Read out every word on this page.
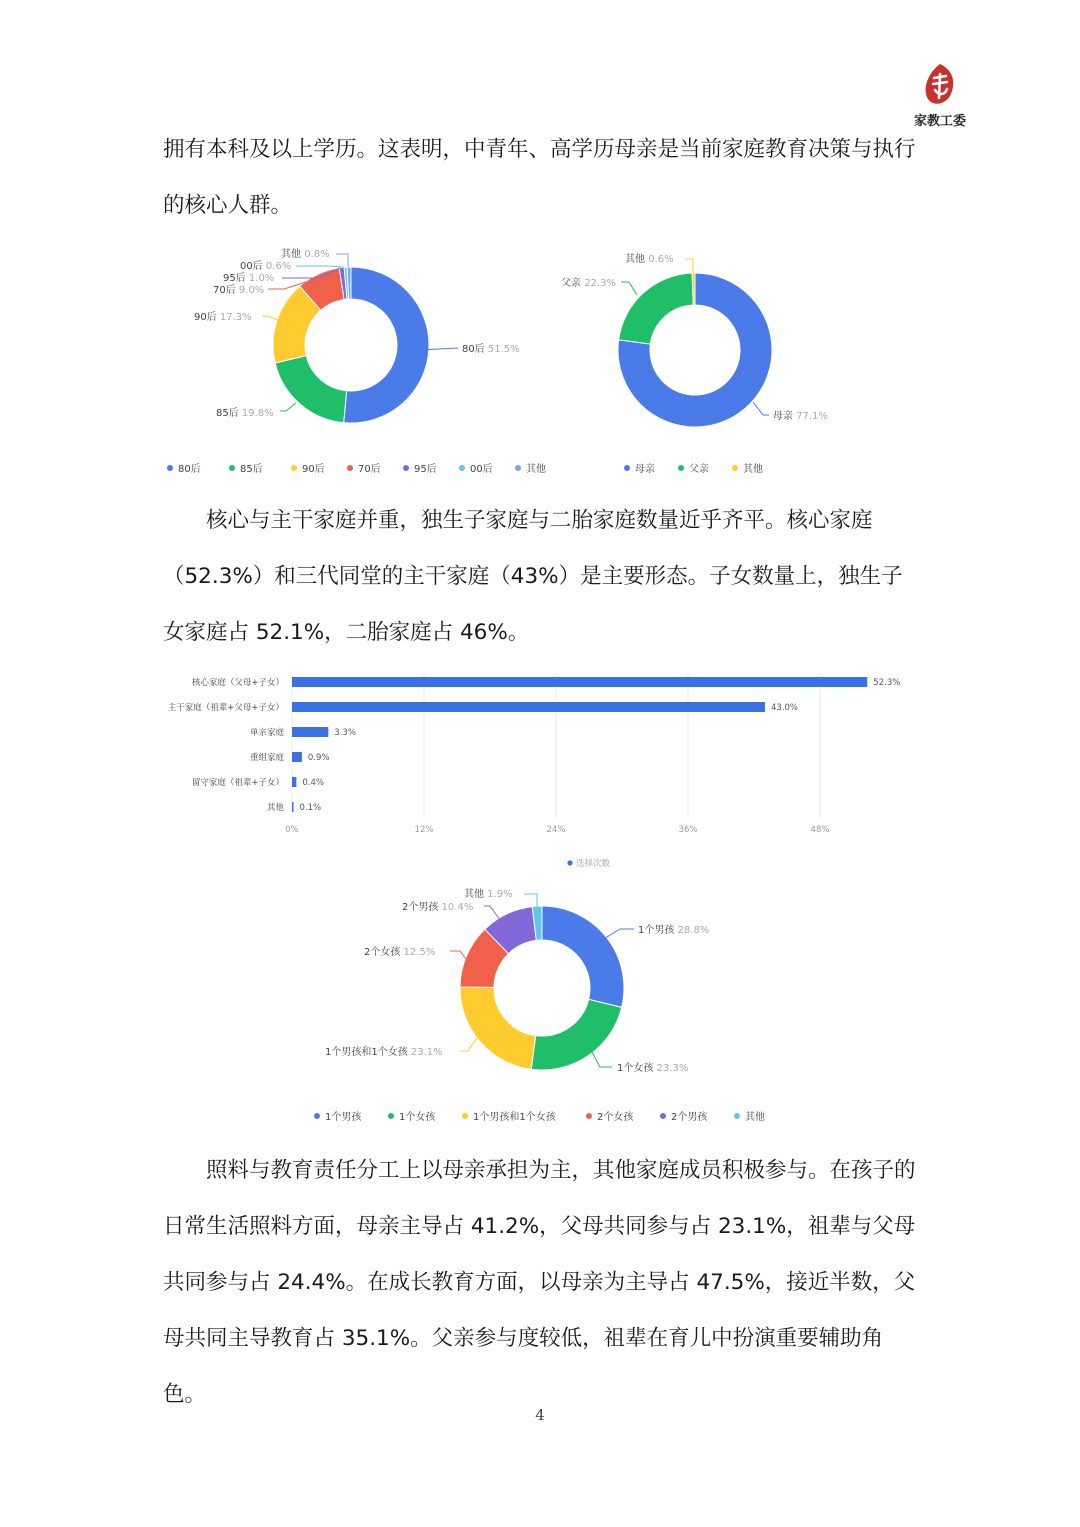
家教工委

拥有本科及以上学历。这表明，中青年、高学历母亲是当前家庭教育决策与执行的核心人群。

80后 51.5%
85后 19.8%
90后 17.3%
70后 9.0%
95后 1.0%
00后 0.6%
其他 0.8%
80后	85后	90后	70后	95后	00后	其他
母亲 77.1%
父亲 22.3%
其他 0.6%
母亲	父亲	其他

核心与主干家庭并重，独生子家庭与二胎家庭数量近乎齐平。核心家庭（52.3%）和三代同堂的主干家庭（43%）是主要形态。子女数量上，独生子女家庭占 52.1%，二胎家庭占 46%。

0%	12%	24%	36%	48%
核心家庭（父母+子女）	52.3%
主干家庭（祖辈+父母+子女）	43.0%
单亲家庭	3.3%
重组家庭	0.9%
留守家庭（祖辈+子女） 0.4%
其他 0.1%
选择次数
1个男孩 28.8%
1个女孩 23.3%
1个男孩和1个女孩 23.1%
2个女孩 12.5%
2个男孩 10.4%
其他 1.9%
1个男孩	1个女孩	1个男孩和1个女孩	2个女孩	2个男孩	其他

照料与教育责任分工上以母亲承担为主，其他家庭成员积极参与。在孩子的日常生活照料方面，母亲主导占 41.2%，父母共同参与占 23.1%，祖辈与父母共同参与占 24.4%。在成长教育方面，以母亲为主导占 47.5%，接近半数，父母共同主导教育占 35.1%。父亲参与度较低，祖辈在育儿中扮演重要辅助角色。

4
